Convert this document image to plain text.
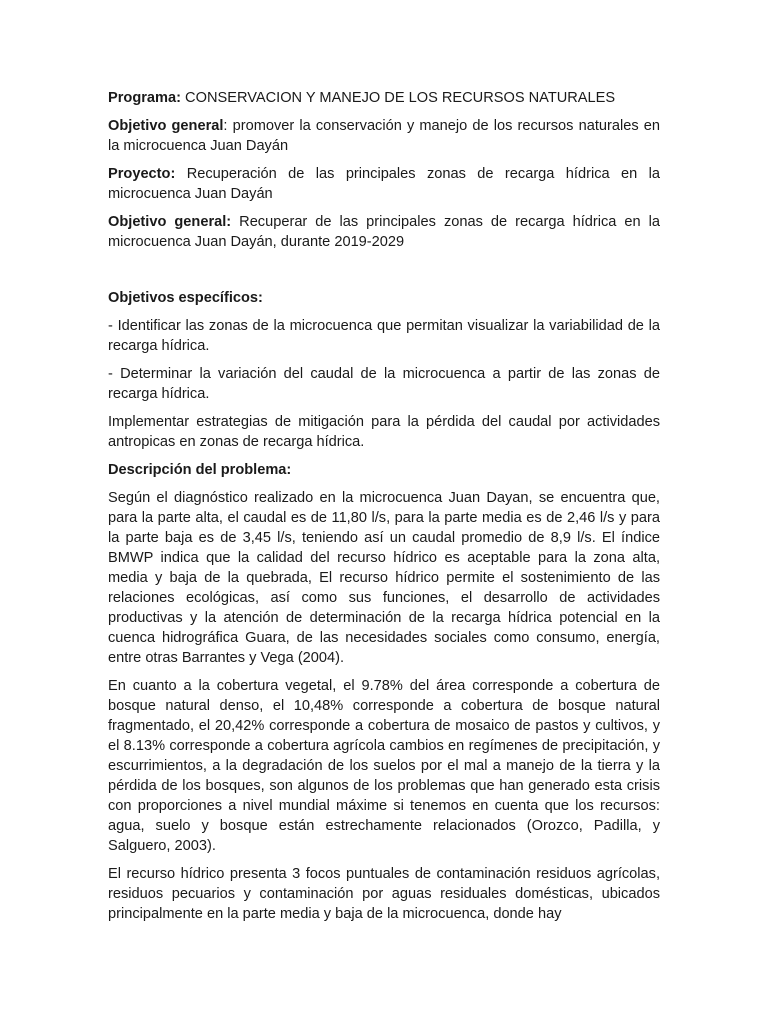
Programa: CONSERVACION Y MANEJO DE LOS RECURSOS NATURALES

Objetivo general: promover la conservación y manejo de los recursos naturales en la microcuenca Juan Dayán

Proyecto: Recuperación de las principales zonas de recarga hídrica en la microcuenca Juan Dayán

Objetivo general: Recuperar de las principales zonas de recarga hídrica en la microcuenca Juan Dayán, durante 2019-2029

Objetivos específicos:

- Identificar las zonas de la microcuenca que permitan visualizar la variabilidad de la recarga hídrica.

- Determinar la variación del caudal de la microcuenca a partir de las zonas de recarga hídrica.

Implementar estrategias de mitigación para la pérdida del caudal por actividades antropicas en zonas de recarga hídrica.

Descripción del problema:

Según el diagnóstico realizado en la microcuenca Juan Dayan, se encuentra que, para la parte alta, el caudal es de 11,80 l/s, para la parte media es de 2,46 l/s y para la parte baja es de 3,45 l/s, teniendo así un caudal promedio de 8,9 l/s. El índice BMWP indica que la calidad del recurso hídrico es aceptable para la zona alta, media y baja de la quebrada, El recurso hídrico permite el sostenimiento de las relaciones ecológicas, así como sus funciones, el desarrollo de actividades productivas y la atención de determinación de la recarga hídrica potencial en la cuenca hidrográfica Guara, de las necesidades sociales como consumo, energía, entre otras Barrantes y Vega (2004).

En cuanto a la cobertura vegetal, el 9.78% del área corresponde a cobertura de bosque natural denso, el 10,48% corresponde a cobertura de bosque natural fragmentado, el 20,42% corresponde a cobertura de mosaico de pastos y cultivos, y el 8.13% corresponde a cobertura agrícola cambios en regímenes de precipitación, y escurrimientos, a la degradación de los suelos por el mal a manejo de la tierra y la pérdida de los bosques, son algunos de los problemas que han generado esta crisis con proporciones a nivel mundial máxime si tenemos en cuenta que los recursos: agua, suelo y bosque están estrechamente relacionados (Orozco, Padilla, y Salguero, 2003).

El recurso hídrico presenta 3 focos puntuales de contaminación residuos agrícolas, residuos pecuarios y contaminación por aguas residuales domésticas, ubicados principalmente en la parte media y baja de la microcuenca, donde hay
